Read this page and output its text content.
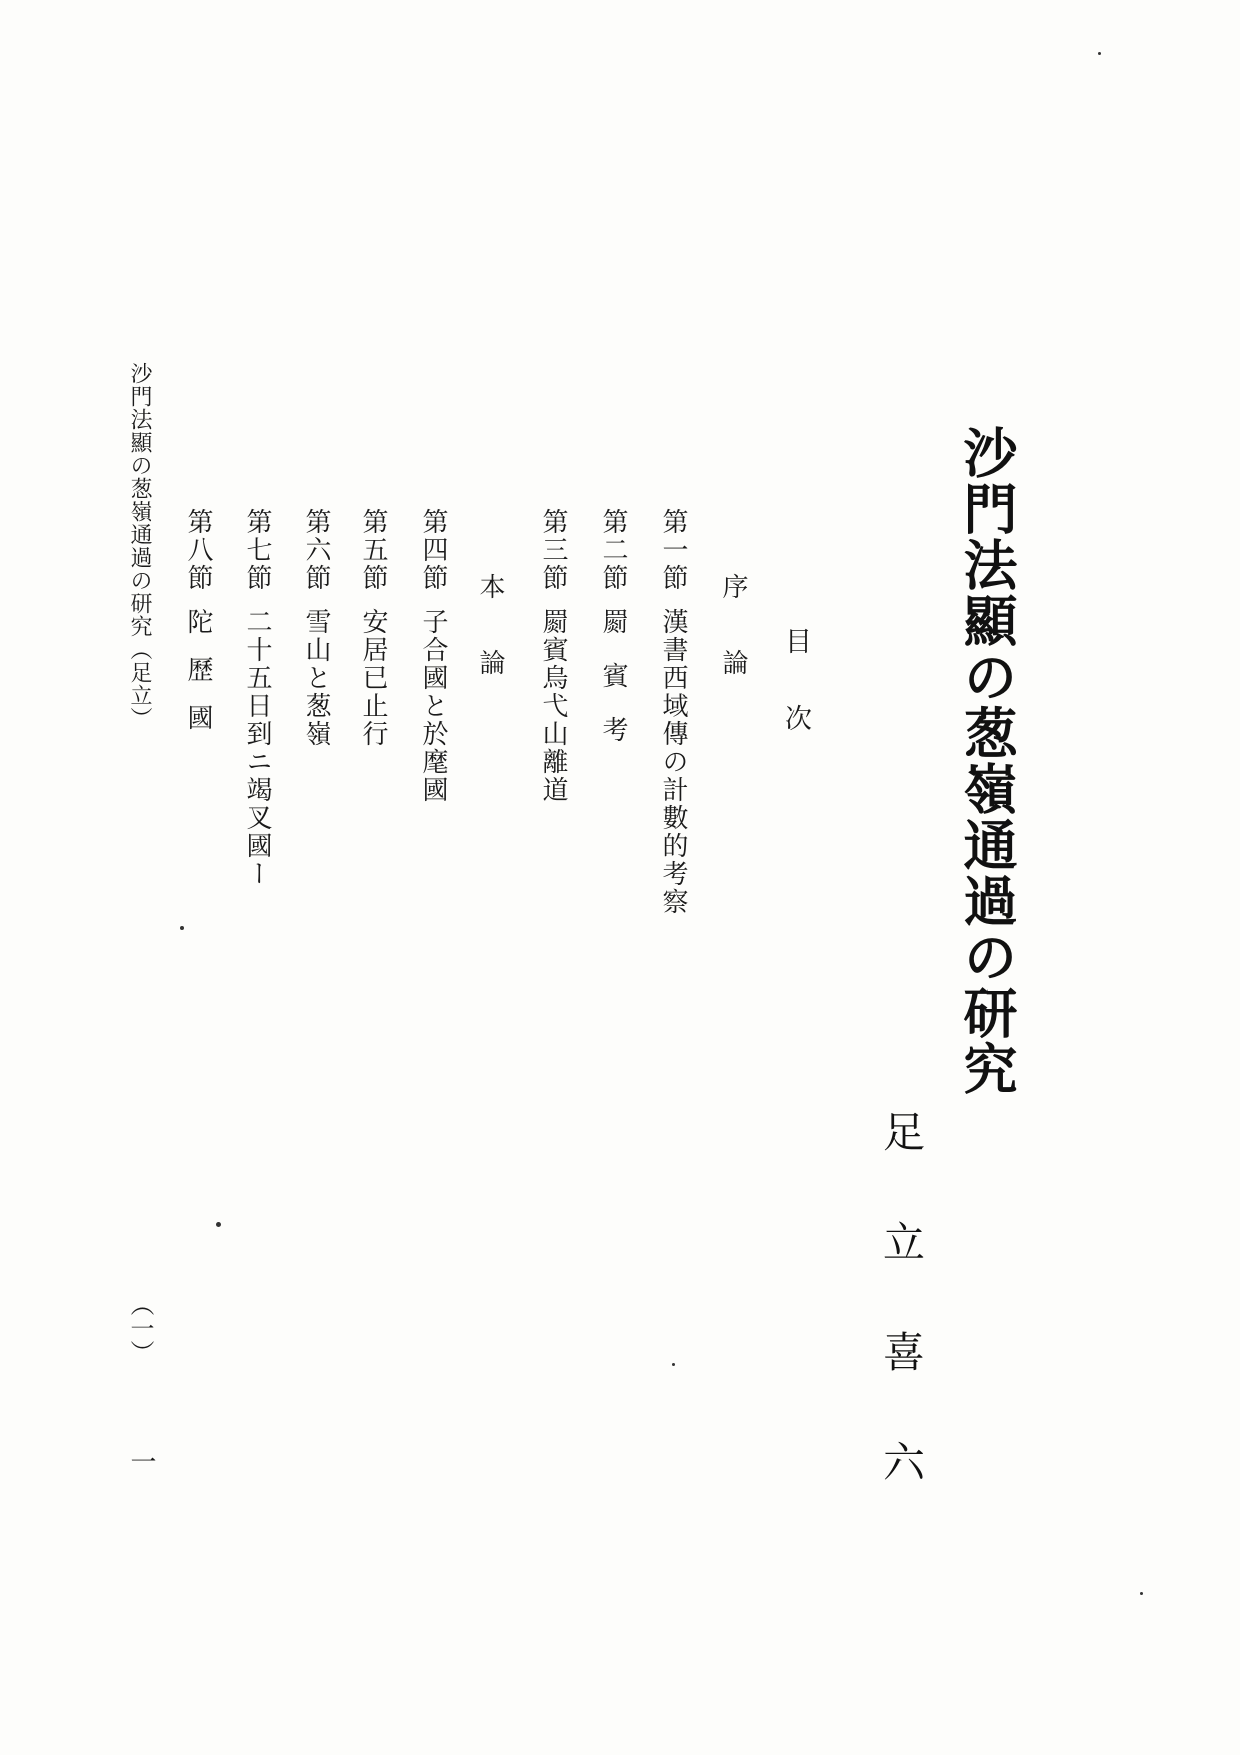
沙門法顯の葱嶺通過の研究
足立喜六
目次
序論
第一節漢書西域傳の計數的考察
第二節罽賓考
第三節罽賓烏弋山離道
本論
第四節子合國と於麾國
第五節安居已止行
第六節雪山と葱嶺
第七節二十五日到ニ竭叉國ー
第八節陀歷國
沙門法顯の葱嶺通過の研究（足立）
（一）
一
